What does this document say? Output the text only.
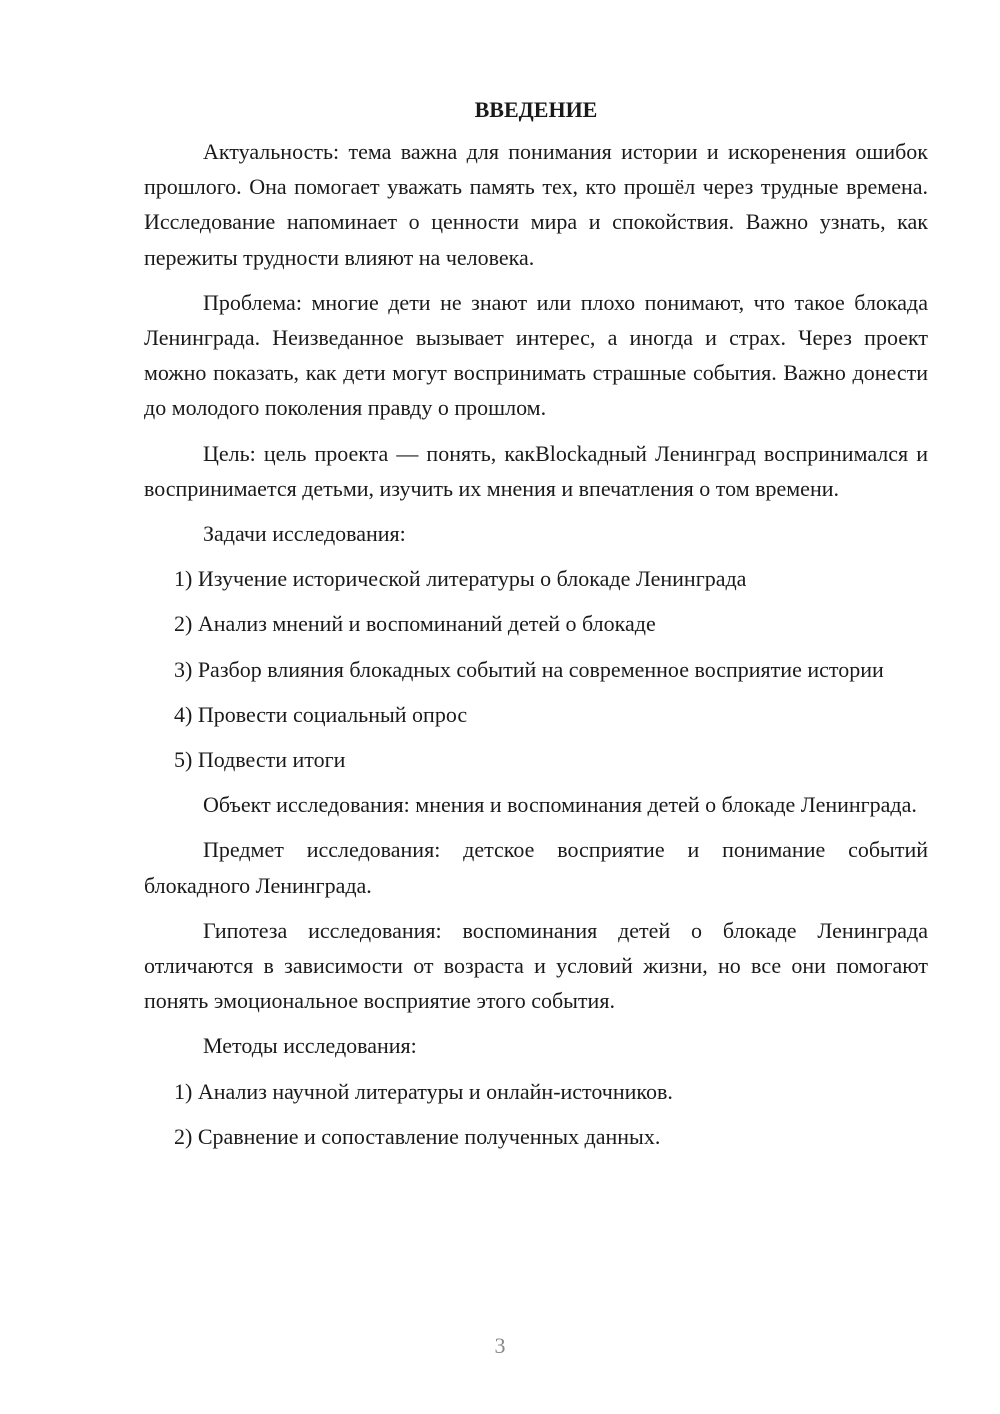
ВВЕДЕНИЕ

Актуальность: тема важна для понимания истории и искоренения ошибок прошлого. Она помогает уважать память тех, кто прошёл через трудные времена. Исследование напоминает о ценности мира и спокойствия. Важно узнать, как пережиты трудности влияют на человека.

Проблема: многие дети не знают или плохо понимают, что такое блокада Ленинграда. Неизведанное вызывает интерес, а иногда и страх. Через проект можно показать, как дети могут воспринимать страшные события. Важно донести до молодого поколения правду о прошлом.

Цель: цель проекта — понять, какBlockадный Ленинград воспринимался и воспринимается детьми, изучить их мнения и впечатления о том времени.

Задачи исследования:

1) Изучение исторической литературы о блокаде Ленинграда

2) Анализ мнений и воспоминаний детей о блокаде

3) Разбор влияния блокадных событий на современное восприятие истории

4) Провести социальный опрос

5) Подвести итоги

Объект исследования: мнения и воспоминания детей о блокаде Ленинграда.

Предмет исследования: детское восприятие и понимание событий блокадного Ленинграда.

Гипотеза исследования: воспоминания детей о блокаде Ленинграда отличаются в зависимости от возраста и условий жизни, но все они помогают понять эмоциональное восприятие этого события.

Методы исследования:

1) Анализ научной литературы и онлайн-источников.

2) Сравнение и сопоставление полученных данных.

3
